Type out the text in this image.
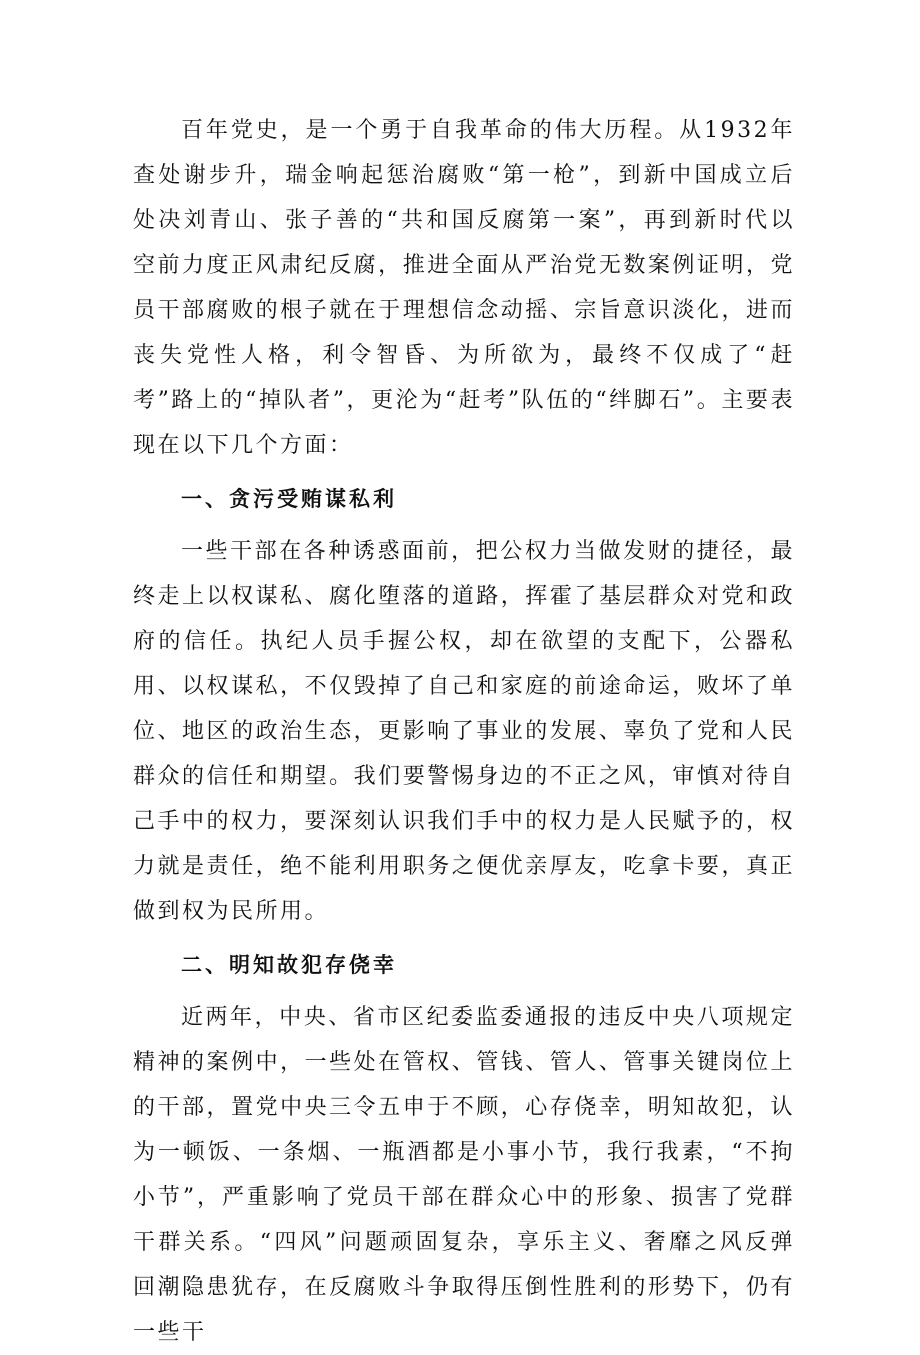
百年党史，是一个勇于自我革命的伟大历程。从1932年查处谢步升，瑞金响起惩治腐败“第一枪”，到新中国成立后处决刘青山、张子善的“共和国反腐第一案”，再到新时代以空前力度正风肃纪反腐，推进全面从严治党无数案例证明，党员干部腐败的根子就在于理想信念动摇、宗旨意识淡化，进而丧失党性人格，利令智昏、为所欲为，最终不仅成了“赶考”路上的“掉队者”，更沦为“赶考”队伍的“绊脚石”。主要表现在以下几个方面：

一、贪污受贿谋私利

一些干部在各种诱惑面前，把公权力当做发财的捷径，最终走上以权谋私、腐化堕落的道路，挥霍了基层群众对党和政府的信任。执纪人员手握公权，却在欲望的支配下，公器私用、以权谋私，不仅毁掉了自己和家庭的前途命运，败坏了单位、地区的政治生态，更影响了事业的发展、辜负了党和人民群众的信任和期望。我们要警惕身边的不正之风，审慎对待自己手中的权力，要深刻认识我们手中的权力是人民赋予的，权力就是责任，绝不能利用职务之便优亲厚友，吃拿卡要，真正做到权为民所用。

二、明知故犯存侥幸

近两年，中央、省市区纪委监委通报的违反中央八项规定精神的案例中，一些处在管权、管钱、管人、管事关键岗位上的干部，置党中央三令五申于不顾，心存侥幸，明知故犯，认为一顿饭、一条烟、一瓶酒都是小事小节，我行我素，“不拘小节”，严重影响了党员干部在群众心中的形象、损害了党群干群关系。“四风”问题顽固复杂，享乐主义、奢靡之风反弹回潮隐患犹存，在反腐败斗争取得压倒性胜利的形势下，仍有一些干
